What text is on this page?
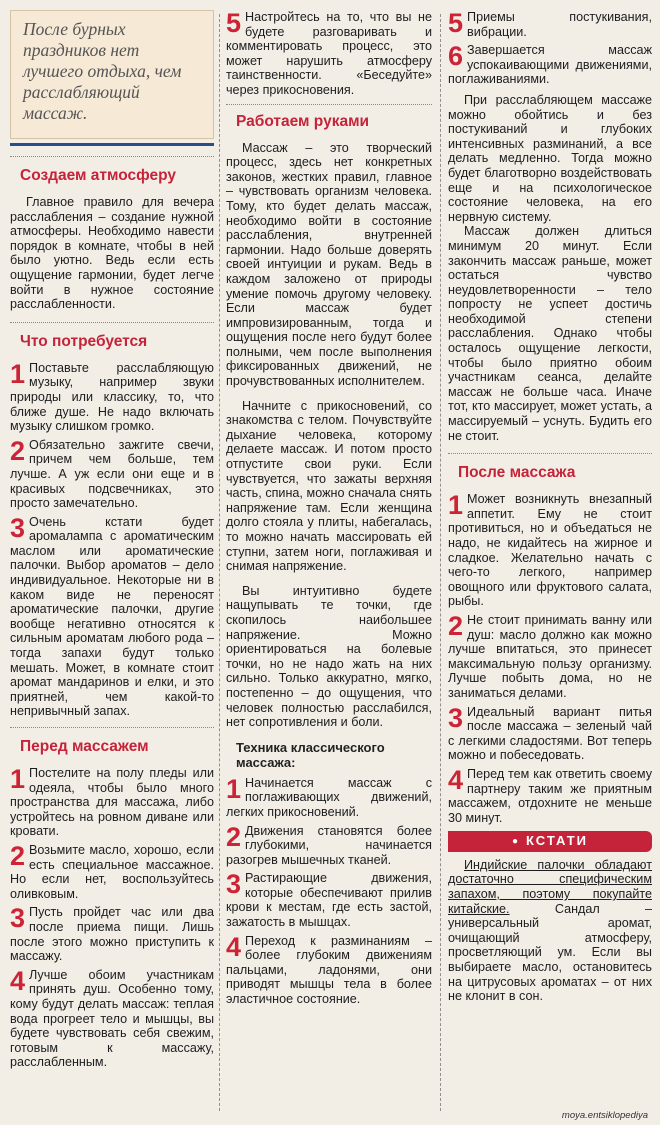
После бурных праздников нет лучшего отдыха, чем расслабляющий массаж.
Создаем атмосферу

Главное правило для вечера расслабления – создание нужной атмосферы. Необходимо навести порядок в комнате, чтобы в ней было уютно. Ведь если есть ощущение гармонии, будет легче войти в нужное состояние расслабленности.

Что потребуется
1 Поставьте расслабляющую музыку, например звуки природы или классику, то, что ближе душе. Не надо включать музыку слишком громко.
2 Обязательно зажгите свечи, причем чем больше, тем лучше. А уж если они еще и в красивых подсвечниках, это просто замечательно.
3 Очень кстати будет аромалампа с ароматическим маслом или ароматические палочки. Выбор ароматов – дело индивидуальное. Некоторые ни в каком виде не переносят ароматические палочки, другие вообще негативно относятся к сильным ароматам любого рода – тогда запахи будут только мешать. Может, в комнате стоит аромат мандаринов и елки, и это приятней, чем какой-то непривычный запах.
Перед массажем
1 Постелите на полу пледы или одеяла, чтобы было много пространства для массажа, либо устройтесь на ровном диване или кровати.
2 Возьмите масло, хорошо, если есть специальное массажное. Но если нет, воспользуйтесь оливковым.
3 Пусть пройдет час или два после приема пищи. Лишь после этого можно приступить к массажу.
4 Лучше обоим участникам принять душ. Особенно тому, кому будут делать массаж: теплая вода прогреет тело и мышцы, вы будете чувствовать себя свежим, готовым к массажу, расслабленным.
5 Настройтесь на то, что вы не будете разговаривать и комментировать процесс, это может нарушить атмосферу таинственности. «Беседуйте» через прикосновения.
Работаем руками

Массаж – это творческий процесс, здесь нет конкретных законов, жестких правил, главное – чувствовать организм человека. Тому, кто будет делать массаж, необходимо войти в состояние расслабления, внутренней гармонии. Надо больше доверять своей интуиции и рукам. Ведь в каждом заложено от природы умение помочь другому человеку. Если массаж будет импровизированным, тогда и ощущения после него будут более полными, чем после выполнения фиксированных движений, не прочувствованных исполнителем.

Начните с прикосновений, со знакомства с телом. Почувствуйте дыхание человека, которому делаете массаж. И потом просто отпустите свои руки. Если чувствуется, что зажаты верхняя часть, спина, можно сначала снять напряжение там. Если женщина долго стояла у плиты, набегалась, то можно начать массировать ей ступни, затем ноги, поглаживая и снимая напряжение.

Вы интуитивно будете нащупывать те точки, где скопилось наибольшее напряжение. Можно ориентироваться на болевые точки, но не надо жать на них сильно. Только аккуратно, мягко, постепенно – до ощущения, что человек полностью расслабился, нет сопротивления и боли.

Техника классического массажа:
1 Начинается массаж с поглаживающих движений, легких прикосновений.
2 Движения становятся более глубокими, начинается разогрев мышечных тканей.
3 Растирающие движения, которые обеспечивают прилив крови к местам, где есть застой, зажатость в мышцах.
4 Переход к разминаниям – более глубоким движениям пальцами, ладонями, они приводят мышцы тела в более эластичное состояние.
5 Приемы постукивания, вибрации.
6 Завершается массаж успокаивающими движениями, поглаживаниями.

При расслабляющем массаже можно обойтись и без постукиваний и глубоких интенсивных разминаний, а все делать медленно. Тогда можно будет благотворно воздействовать еще и на психологическое состояние человека, на его нервную систему.

Массаж должен длиться минимум 20 минут. Если закончить массаж раньше, может остаться чувство неудовлетворенности – тело попросту не успеет достичь необходимой степени расслабления. Однако чтобы осталось ощущение легкости, чтобы было приятно обоим участникам сеанса, делайте массаж не больше часа. Иначе тот, кто массирует, может устать, а массируемый – уснуть. Будить его не стоит.

После массажа
1 Может возникнуть внезапный аппетит. Ему не стоит противиться, но и объедаться не надо, не кидайтесь на жирное и сладкое. Желательно начать с чего-то легкого, например овощного или фруктового салата, рыбы.
2 Не стоит принимать ванну или душ: масло должно как можно лучше впитаться, это принесет максимальную пользу организму. Лучше побыть дома, но не заниматься делами.
3 Идеальный вариант питья после массажа – зеленый чай с легкими сладостями. Вот теперь можно и побеседовать.
4 Перед тем как ответить своему партнеру таким же приятным массажем, отдохните не меньше 30 минут.
● КСТАТИ

Индийские палочки обладают достаточно специфическим запахом, поэтому покупайте китайские.	Сандал – универсальный аромат, очищающий атмосферу, просветляющий ум. Если вы выбираете масло, остановитесь на цитрусовых ароматах – от них не клонит в сон.

moya.entsiklopediya
